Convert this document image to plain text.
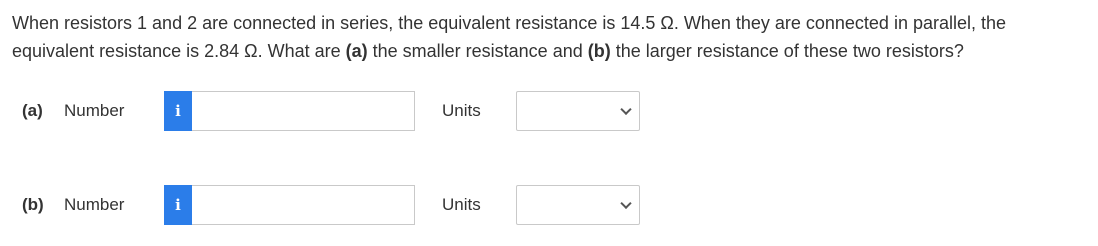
When resistors 1 and 2 are connected in series, the equivalent resistance is 14.5 Ω. When they are connected in parallel, the equivalent resistance is 2.84 Ω. What are (a) the smaller resistance and (b) the larger resistance of these two resistors?
(a)	Number	i	Units
(b)	Number	i	Units
